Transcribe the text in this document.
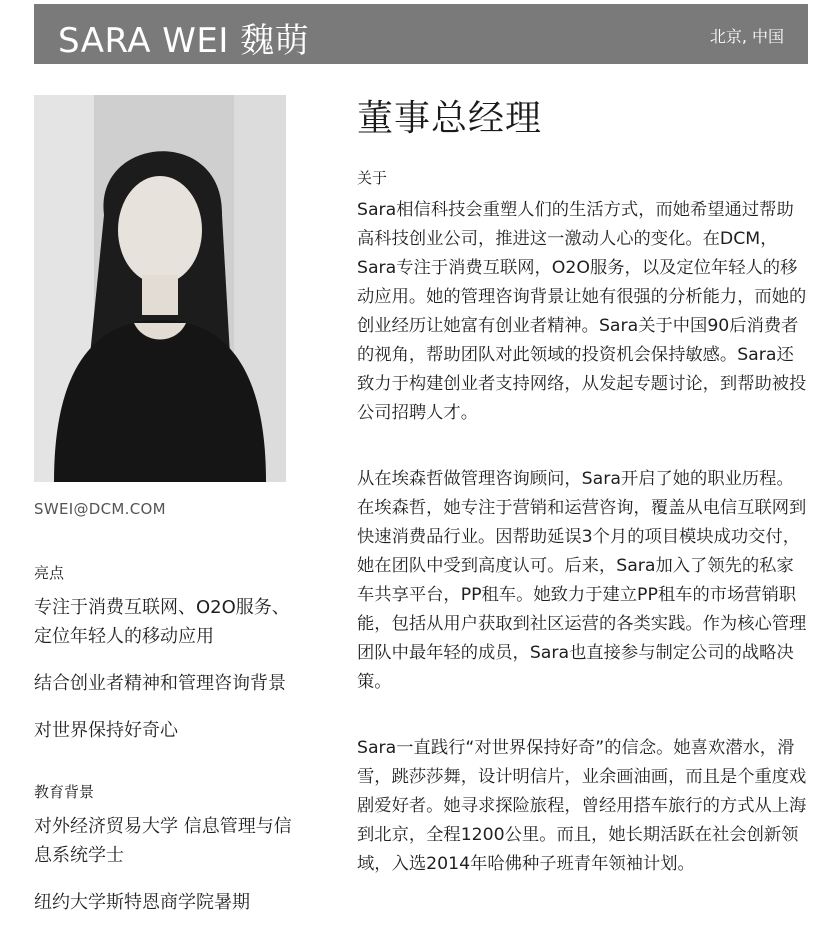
SARA WEI 魏萌	北京, 中国

SWEI@DCM.COM

亮点

专注于消费互联网、O2O服务、定位年轻人的移动应用

结合创业者精神和管理咨询背景

对世界保持好奇心

教育背景

对外经济贸易大学 信息管理与信息系统学士

纽约大学斯特恩商学院暑期

董事总经理
关于

Sara相信科技会重塑人们的生活方式，而她希望通过帮助高科技创业公司，推进这一激动人心的变化。在DCM，Sara专注于消费互联网，O2O服务，以及定位年轻人的移动应用。她的管理咨询背景让她有很强的分析能力，而她的创业经历让她富有创业者精神。Sara关于中国90后消费者的视角，帮助团队对此领域的投资机会保持敏感。Sara还致力于构建创业者支持网络，从发起专题讨论，到帮助被投公司招聘人才。

从在埃森哲做管理咨询顾问，Sara开启了她的职业历程。在埃森哲，她专注于营销和运营咨询，覆盖从电信互联网到快速消费品行业。因帮助延误3个月的项目模块成功交付，她在团队中受到高度认可。后来，Sara加入了领先的私家车共享平台，PP租车。她致力于建立PP租车的市场营销职能，包括从用户获取到社区运营的各类实践。作为核心管理团队中最年轻的成员，Sara也直接参与制定公司的战略决策。

Sara一直践行“对世界保持好奇”的信念。她喜欢潜水，滑雪，跳莎莎舞，设计明信片，业余画油画，而且是个重度戏剧爱好者。她寻求探险旅程，曾经用搭车旅行的方式从上海到北京，全程1200公里。而且，她长期活跃在社会创新领域，入选2014年哈佛种子班青年领袖计划。
